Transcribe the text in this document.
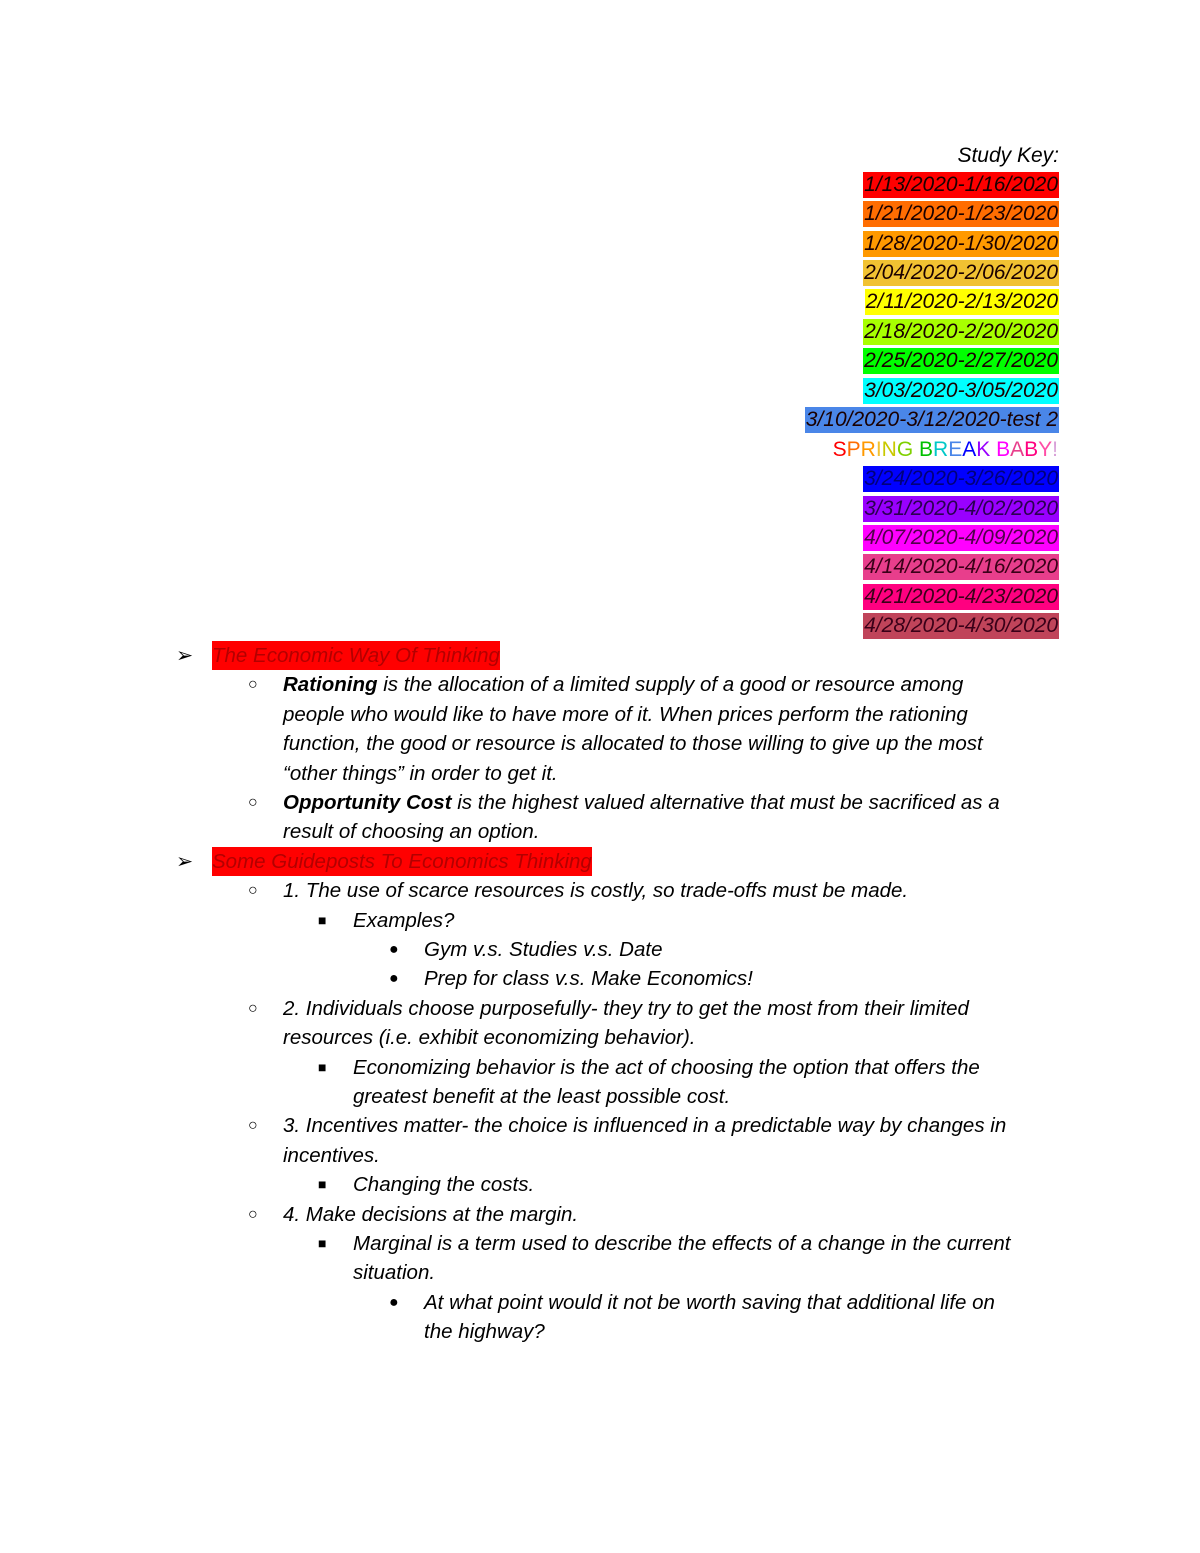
Study Key:
1/13/2020-1/16/2020
1/21/2020-1/23/2020
1/28/2020-1/30/2020
2/04/2020-2/06/2020
2/11/2020-2/13/2020
2/18/2020-2/20/2020
2/25/2020-2/27/2020
3/03/2020-3/05/2020
3/10/2020-3/12/2020-test 2
SPRING BREAK BABY!
3/24/2020-3/26/2020
3/31/2020-4/02/2020
4/07/2020-4/09/2020
4/14/2020-4/16/2020
4/21/2020-4/23/2020
4/28/2020-4/30/2020
➢ The Economic Way Of Thinking
○ Rationing is the allocation of a limited supply of a good or resource among
people who would like to have more of it. When prices perform the rationing
function, the good or resource is allocated to those willing to give up the most
“other things” in order to get it.
○ Opportunity Cost is the highest valued alternative that must be sacrificed as a
result of choosing an option.
➢ Some Guideposts To Economics Thinking
○ 1. The use of scarce resources is costly, so trade-offs must be made.
■ Examples?
● Gym v.s. Studies v.s. Date
● Prep for class v.s. Make Economics!
○ 2. Individuals choose purposefully- they try to get the most from their limited
resources (i.e. exhibit economizing behavior).
■ Economizing behavior is the act of choosing the option that offers the
greatest benefit at the least possible cost.
○ 3. Incentives matter- the choice is influenced in a predictable way by changes in
incentives.
■ Changing the costs.
○ 4. Make decisions at the margin.
■ Marginal is a term used to describe the effects of a change in the current
situation.
● At what point would it not be worth saving that additional life on
the highway?
